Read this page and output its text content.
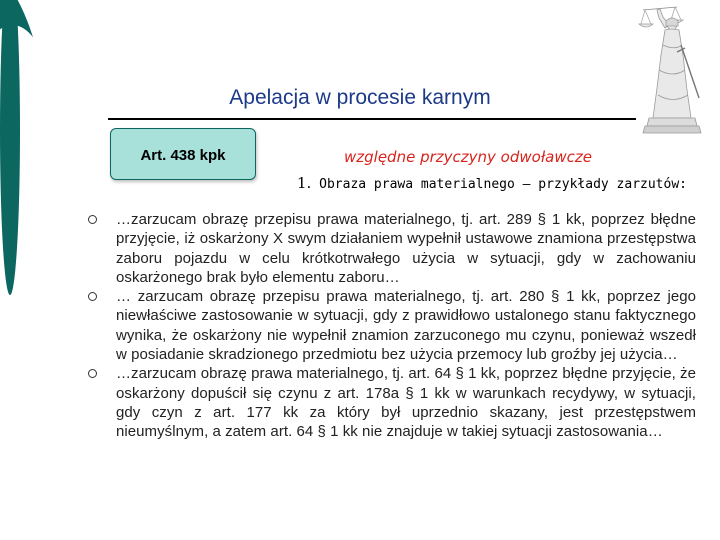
Apelacja w procesie karnym
Art. 438 kpk	względne przyczyny odwoławcze
1. Obraza prawa materialnego – przykłady zarzutów:
…zarzucam obrazę przepisu prawa materialnego, tj. art. 289 § 1 kk, poprzez błędne przyjęcie, iż oskarżony X swym działaniem wypełnił ustawowe znamiona przestępstwa zaboru pojazdu w celu krótkotrwałego użycia w sytuacji, gdy w zachowaniu oskarżonego brak było elementu zaboru…
… zarzucam obrazę przepisu prawa materialnego, tj. art. 280 § 1 kk, poprzez jego niewłaściwe zastosowanie w sytuacji, gdy z prawidłowo ustalonego stanu faktycznego wynika, że oskarżony nie wypełnił znamion zarzuconego mu czynu, ponieważ wszedł w posiadanie skradzionego przedmiotu bez użycia przemocy lub groźby jej użycia…
…zarzucam obrazę prawa materialnego, tj. art. 64 § 1 kk, poprzez błędne przyjęcie, że oskarżony dopuścił się czynu z art. 178a § 1 kk w warunkach recydywy, w sytuacji, gdy czyn z art. 177 kk za który był uprzednio skazany, jest przestępstwem nieumyślnym, a zatem art. 64 § 1 kk nie znajduje w takiej sytuacji zastosowania…
